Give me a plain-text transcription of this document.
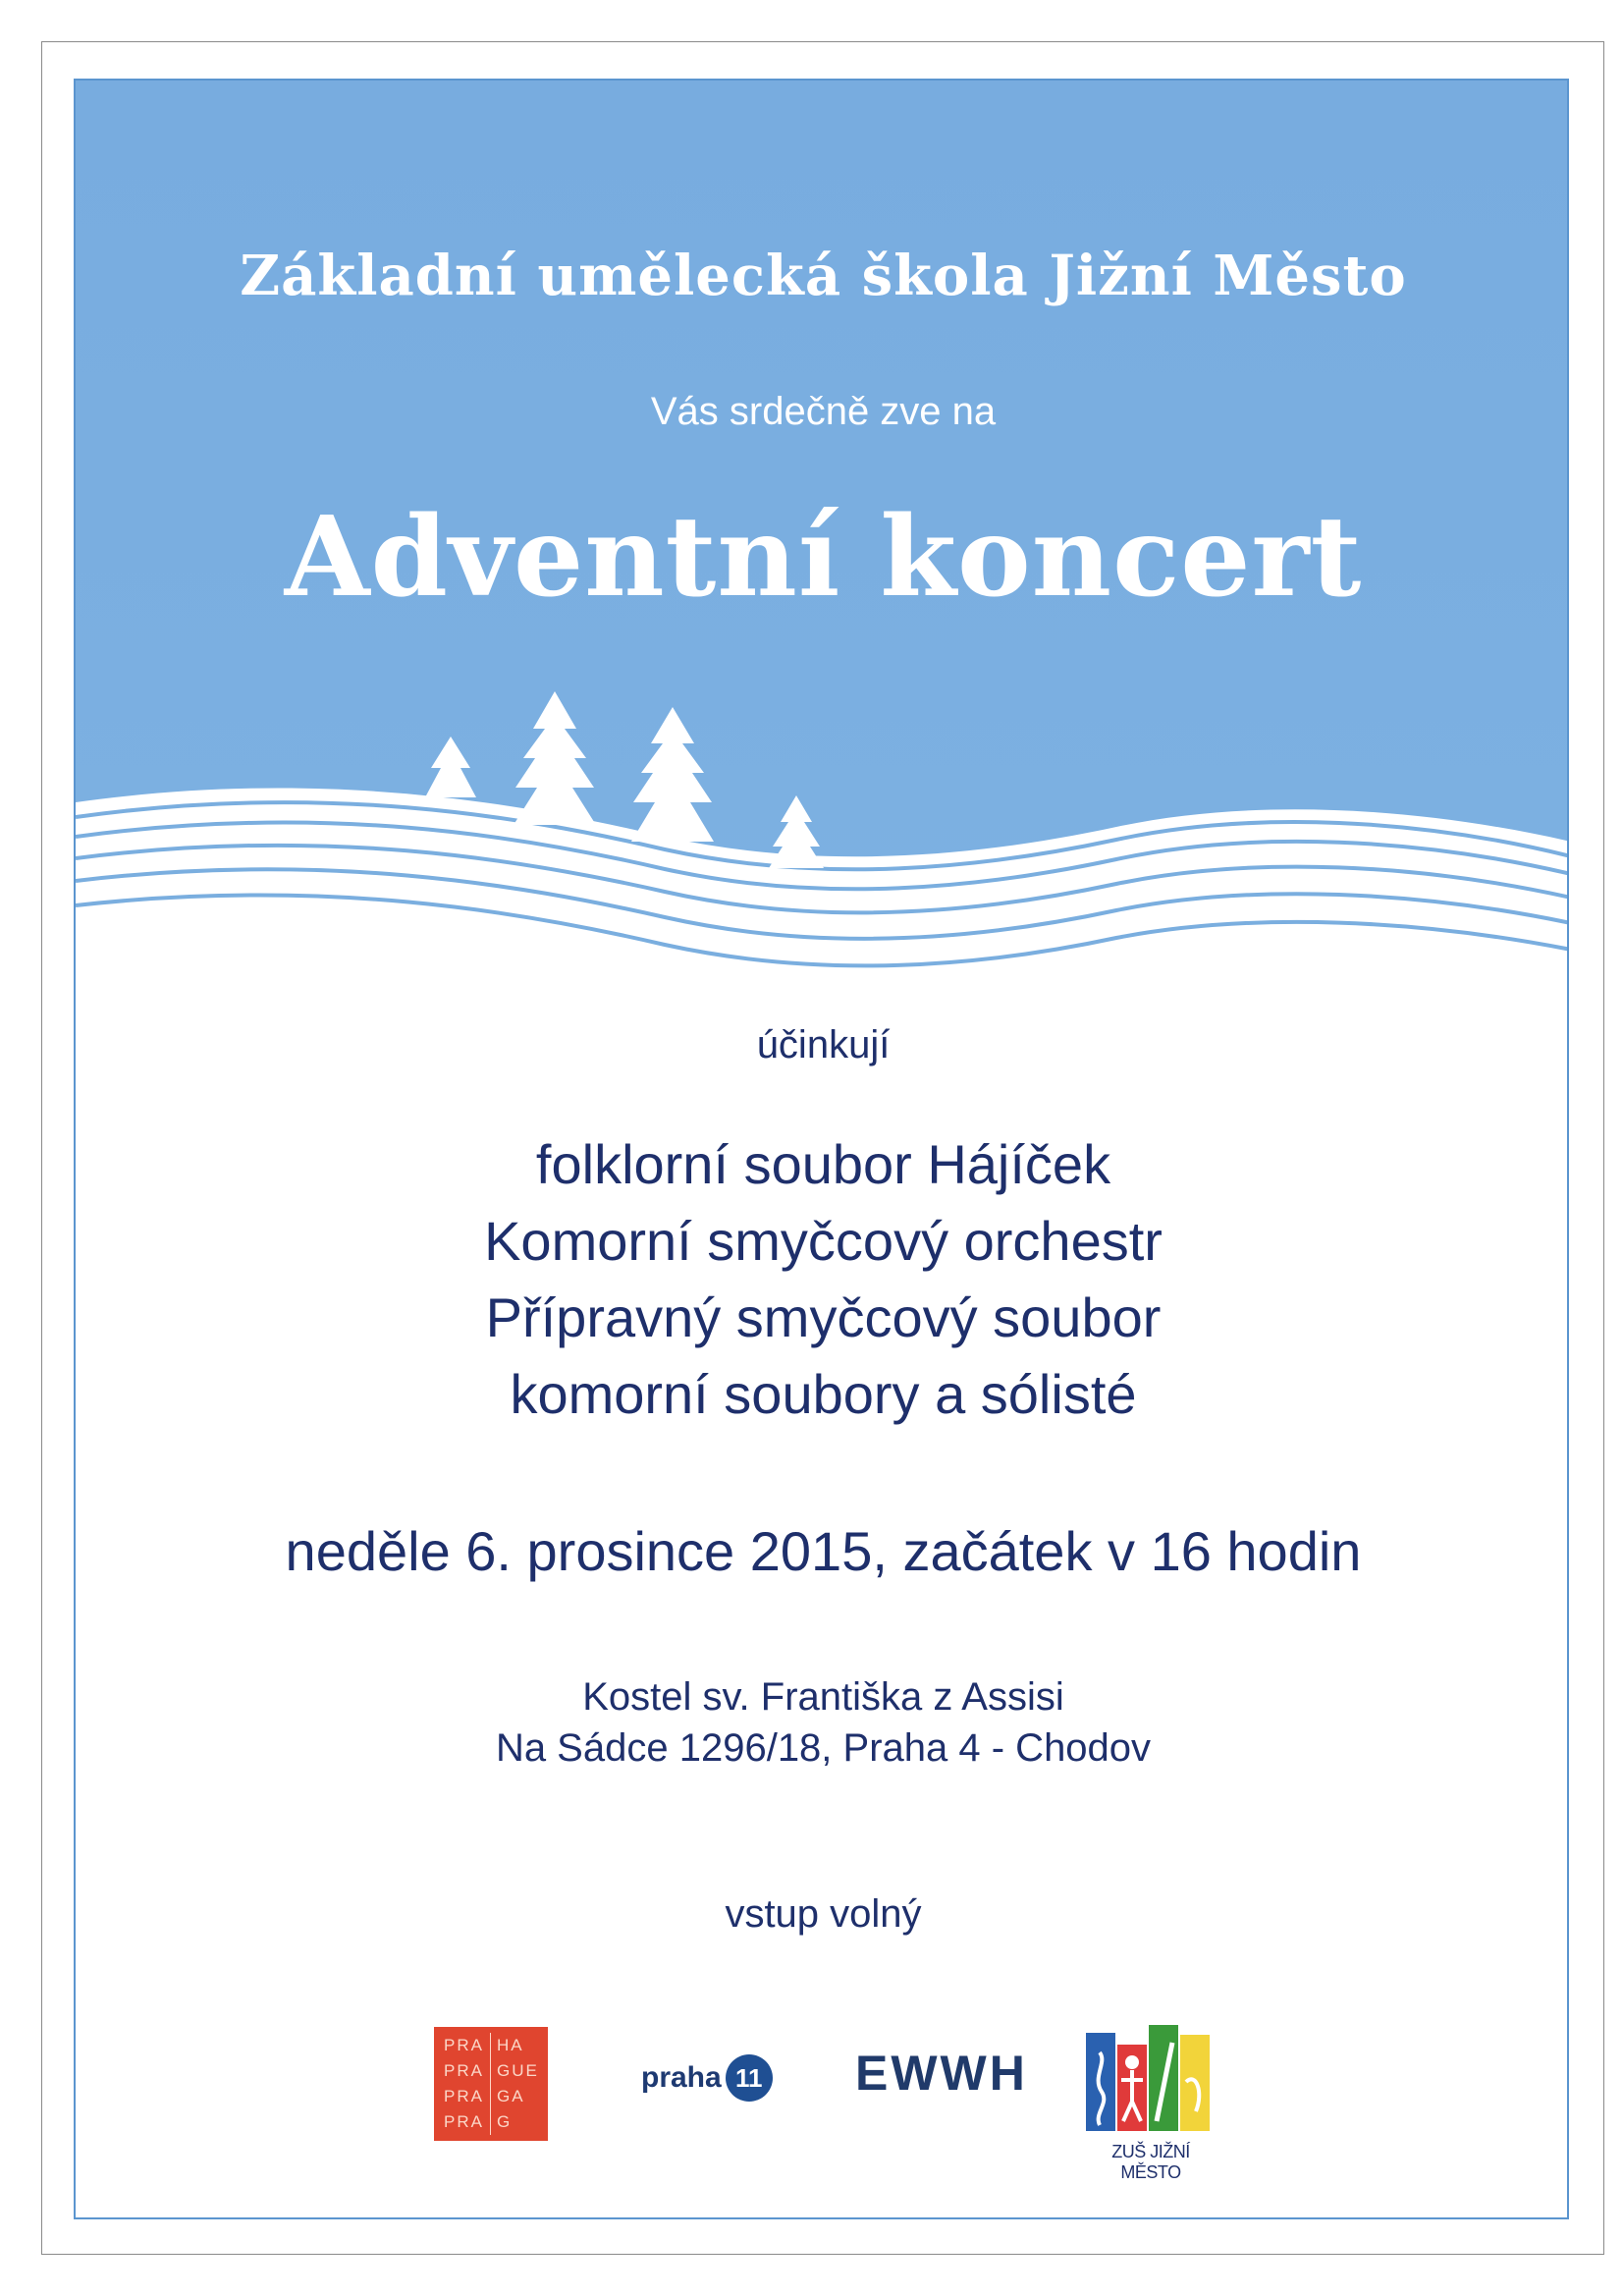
Základní umělecká škola Jižní Město
Vás srdečně zve na
Adventní koncert
účinkují
folklorní soubor Hájíček
Komorní smyčcový orchestr
Přípravný smyčcový soubor
komorní soubory a sólisté
neděle 6. prosince 2015, začátek v 16 hodin
Kostel sv. Františka z Assisi
Na Sádce 1296/18, Praha 4 - Chodov
vstup volný
PRA HA
PRA GUE
PRA GA
PRA G
praha 11 EWWH
ZUŠ JIŽNÍ MĚSTO
